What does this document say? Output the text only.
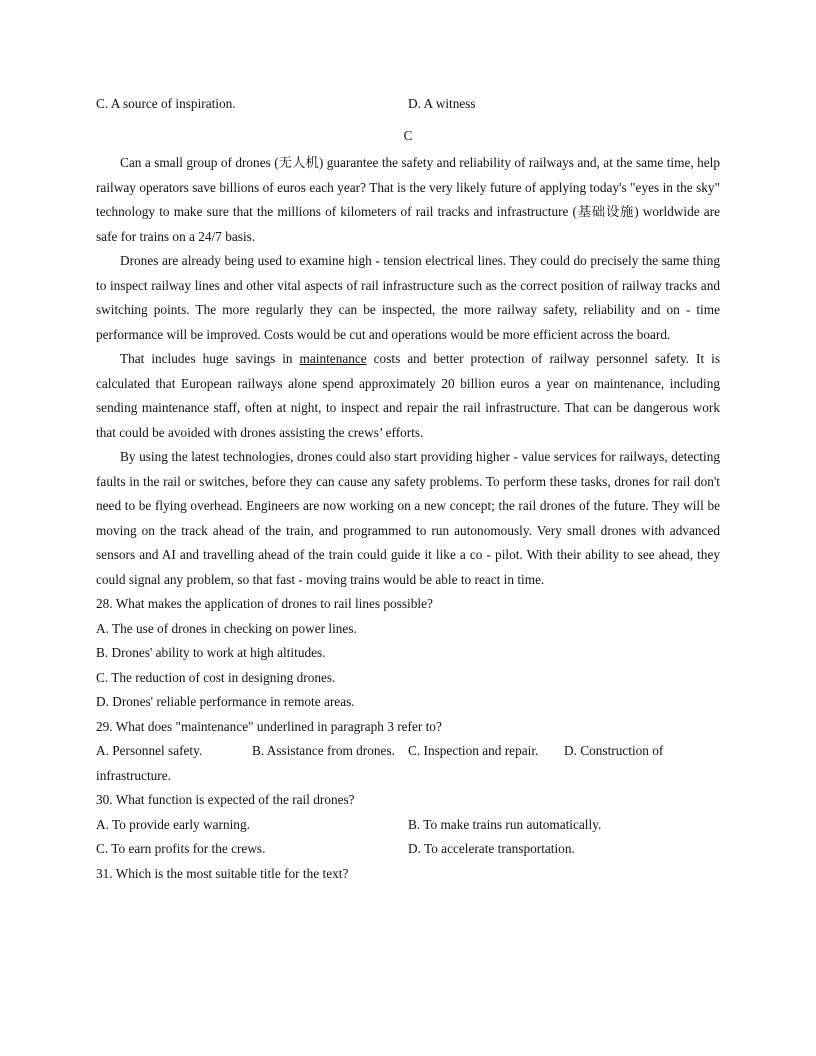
C. A source of inspiration.	D. A witness
C

Can a small group of drones (无人机) guarantee the safety and reliability of railways and, at the same time, help railway operators save billions of euros each year? That is the very likely future of applying today's "eyes in the sky" technology to make sure that the millions of kilometers of rail tracks and infrastructure (基础设施) worldwide are safe for trains on a 24/7 basis.

Drones are already being used to examine high - tension electrical lines. They could do precisely the same thing to inspect railway lines and other vital aspects of rail infrastructure such as the correct position of railway tracks and switching points. The more regularly they can be inspected, the more railway safety, reliability and on - time performance will be improved. Costs would be cut and operations would be more efficient across the board.

That includes huge savings in maintenance costs and better protection of railway personnel safety. It is calculated that European railways alone spend approximately 20 billion euros a year on maintenance, including sending maintenance staff, often at night, to inspect and repair the rail infrastructure. That can be dangerous work that could be avoided with drones assisting the crews’ efforts.

By using the latest technologies, drones could also start providing higher - value services for railways, detecting faults in the rail or switches, before they can cause any safety problems. To perform these tasks, drones for rail don't need to be flying overhead. Engineers are now working on a new concept; the rail drones of the future. They will be moving on the track ahead of the train, and programmed to run autonomously. Very small drones with advanced sensors and AI and travelling ahead of the train could guide it like a co - pilot. With their ability to see ahead, they could signal any problem, so that fast - moving trains would be able to react in time.

28. What makes the application of drones to rail lines possible?

A. The use of drones in checking on power lines.

B. Drones' ability to work at high altitudes.

C. The reduction of cost in designing drones.

D. Drones' reliable performance in remote areas.

29. What does "maintenance" underlined in paragraph 3 refer to?

A. Personnel safety.	B. Assistance from drones. C. Inspection and repair. D. Construction of

infrastructure.

30. What function is expected of the rail drones?

A. To provide early warning.	B. To make trains run automatically.
C. To earn profits for the crews.	D. To accelerate transportation.

31. Which is the most suitable title for the text?
